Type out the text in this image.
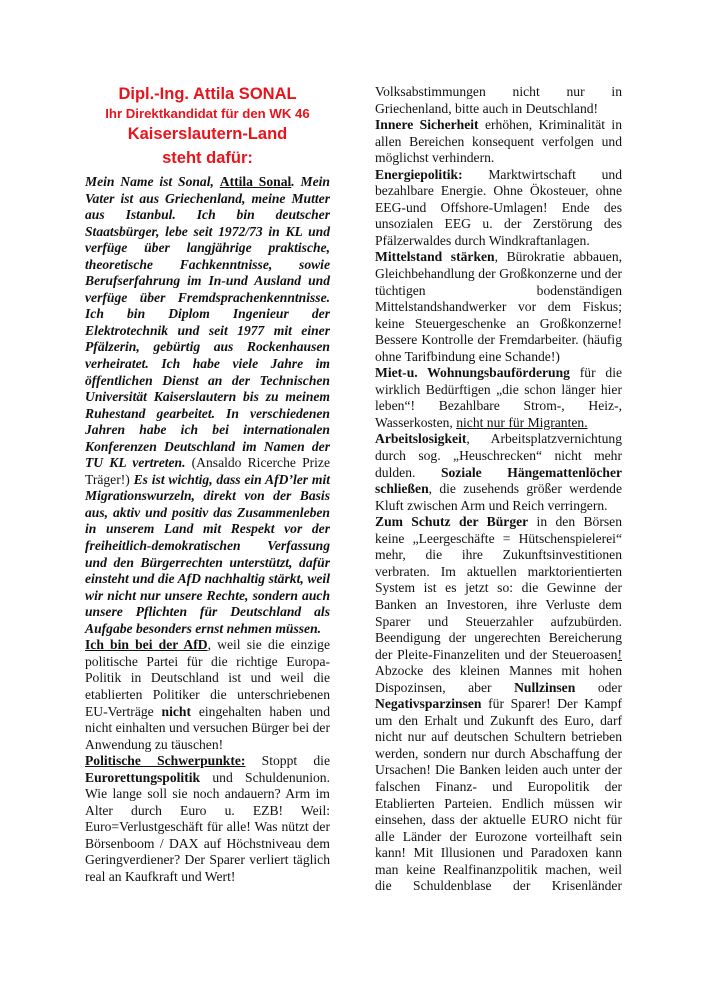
Dipl.-Ing. Attila SONAL
Ihr Direktkandidat für den WK 46
Kaiserslautern-Land
steht dafür:

Mein Name ist Sonal, Attila Sonal. Mein Vater ist aus Griechenland, meine Mutter aus Istanbul. Ich bin deutscher Staatsbürger, lebe seit 1972/73 in KL und verfüge über langjährige praktische, theoretische Fachkenntnisse, sowie Berufserfahrung im In-und Ausland und verfüge über Fremdsprachenkenntnisse. Ich bin Diplom Ingenieur der Elektrotechnik und seit 1977 mit einer Pfälzerin, gebürtig aus Rockenhausen verheiratet. Ich habe viele Jahre im öffentlichen Dienst an der Technischen Universität Kaiserslautern bis zu meinem Ruhestand gearbeitet. In verschiedenen Jahren habe ich bei internationalen Konferenzen Deutschland im Namen der TU KL vertreten. (Ansaldo Ricerche Prize Träger!) Es ist wichtig, dass ein AfD’ler mit Migrationswurzeln, direkt von der Basis aus, aktiv und positiv das Zusammenleben in unserem Land mit Respekt vor der freiheitlich-demokratischen Verfassung und den Bürgerrechten unterstützt, dafür einsteht und die AfD nachhaltig stärkt, weil wir nicht nur unsere Rechte, sondern auch unsere Pflichten für Deutschland als Aufgabe besonders ernst nehmen müssen.

Ich bin bei der AfD, weil sie die einzige politische Partei für die richtige Europa-Politik in Deutschland ist und weil die etablierten Politiker die unterschriebenen EU-Verträge nicht eingehalten haben und nicht einhalten und versuchen Bürger bei der Anwendung zu täuschen!

Politische Schwerpunkte: Stoppt die Eurorettungspolitik und Schuldenunion. Wie lange soll sie noch andauern? Arm im Alter durch Euro u. EZB! Weil: Euro=Verlustgeschäft für alle! Was nützt der Börsenboom / DAX auf Höchstniveau dem Geringverdiener? Der Sparer verliert täglich real an Kaufkraft und Wert!

Volksabstimmungen nicht nur in Griechenland, bitte auch in Deutschland!

Innere Sicherheit erhöhen, Kriminalität in allen Bereichen konsequent verfolgen und möglichst verhindern.

Energiepolitik: Marktwirtschaft und bezahlbare Energie. Ohne Ökosteuer, ohne EEG-und Offshore-Umlagen! Ende des unsozialen EEG u. der Zerstörung des Pfälzerwaldes durch Windkraftanlagen.

Mittelstand stärken, Bürokratie abbauen, Gleichbehandlung der Großkonzerne und der tüchtigen bodenständigen Mittelstandshandwerker vor dem Fiskus; keine Steuergeschenke an Großkonzerne! Bessere Kontrolle der Fremdarbeiter. (häufig ohne Tarifbindung eine Schande!)

Miet-u. Wohnungsbauförderung für die wirklich Bedürftigen „die schon länger hier leben“! Bezahlbare Strom-, Heiz-, Wasserkosten, nicht nur für Migranten.

Arbeitslosigkeit, Arbeitsplatzvernichtung durch sog. „Heuschrecken“ nicht mehr dulden. Soziale Hängemattenlöcher schließen, die zusehends größer werdende Kluft zwischen Arm und Reich verringern.

Zum Schutz der Bürger in den Börsen keine „Leergeschäfte = Hütschenspielerei“ mehr, die ihre Zukunftsinvestitionen verbraten. Im aktuellen marktorientierten System ist es jetzt so: die Gewinne der Banken an Investoren, ihre Verluste dem Sparer und Steuerzahler aufzubürden. Beendigung der ungerechten Bereicherung der Pleite-Finanzeliten und der Steueroasen! Abzocke des kleinen Mannes mit hohen Dispozinsen, aber Nullzinsen oder Negativsparzinsen für Sparer! Der Kampf um den Erhalt und Zukunft des Euro, darf nicht nur auf deutschen Schultern betrieben werden, sondern nur durch Abschaffung der Ursachen! Die Banken leiden auch unter der falschen Finanz- und Europolitik der Etablierten Parteien. Endlich müssen wir einsehen, dass der aktuelle EURO nicht für alle Länder der Eurozone vorteilhaft sein kann! Mit Illusionen und Paradoxen kann man keine Realfinanzpolitik machen, weil die Schuldenblase der Krisenländer
